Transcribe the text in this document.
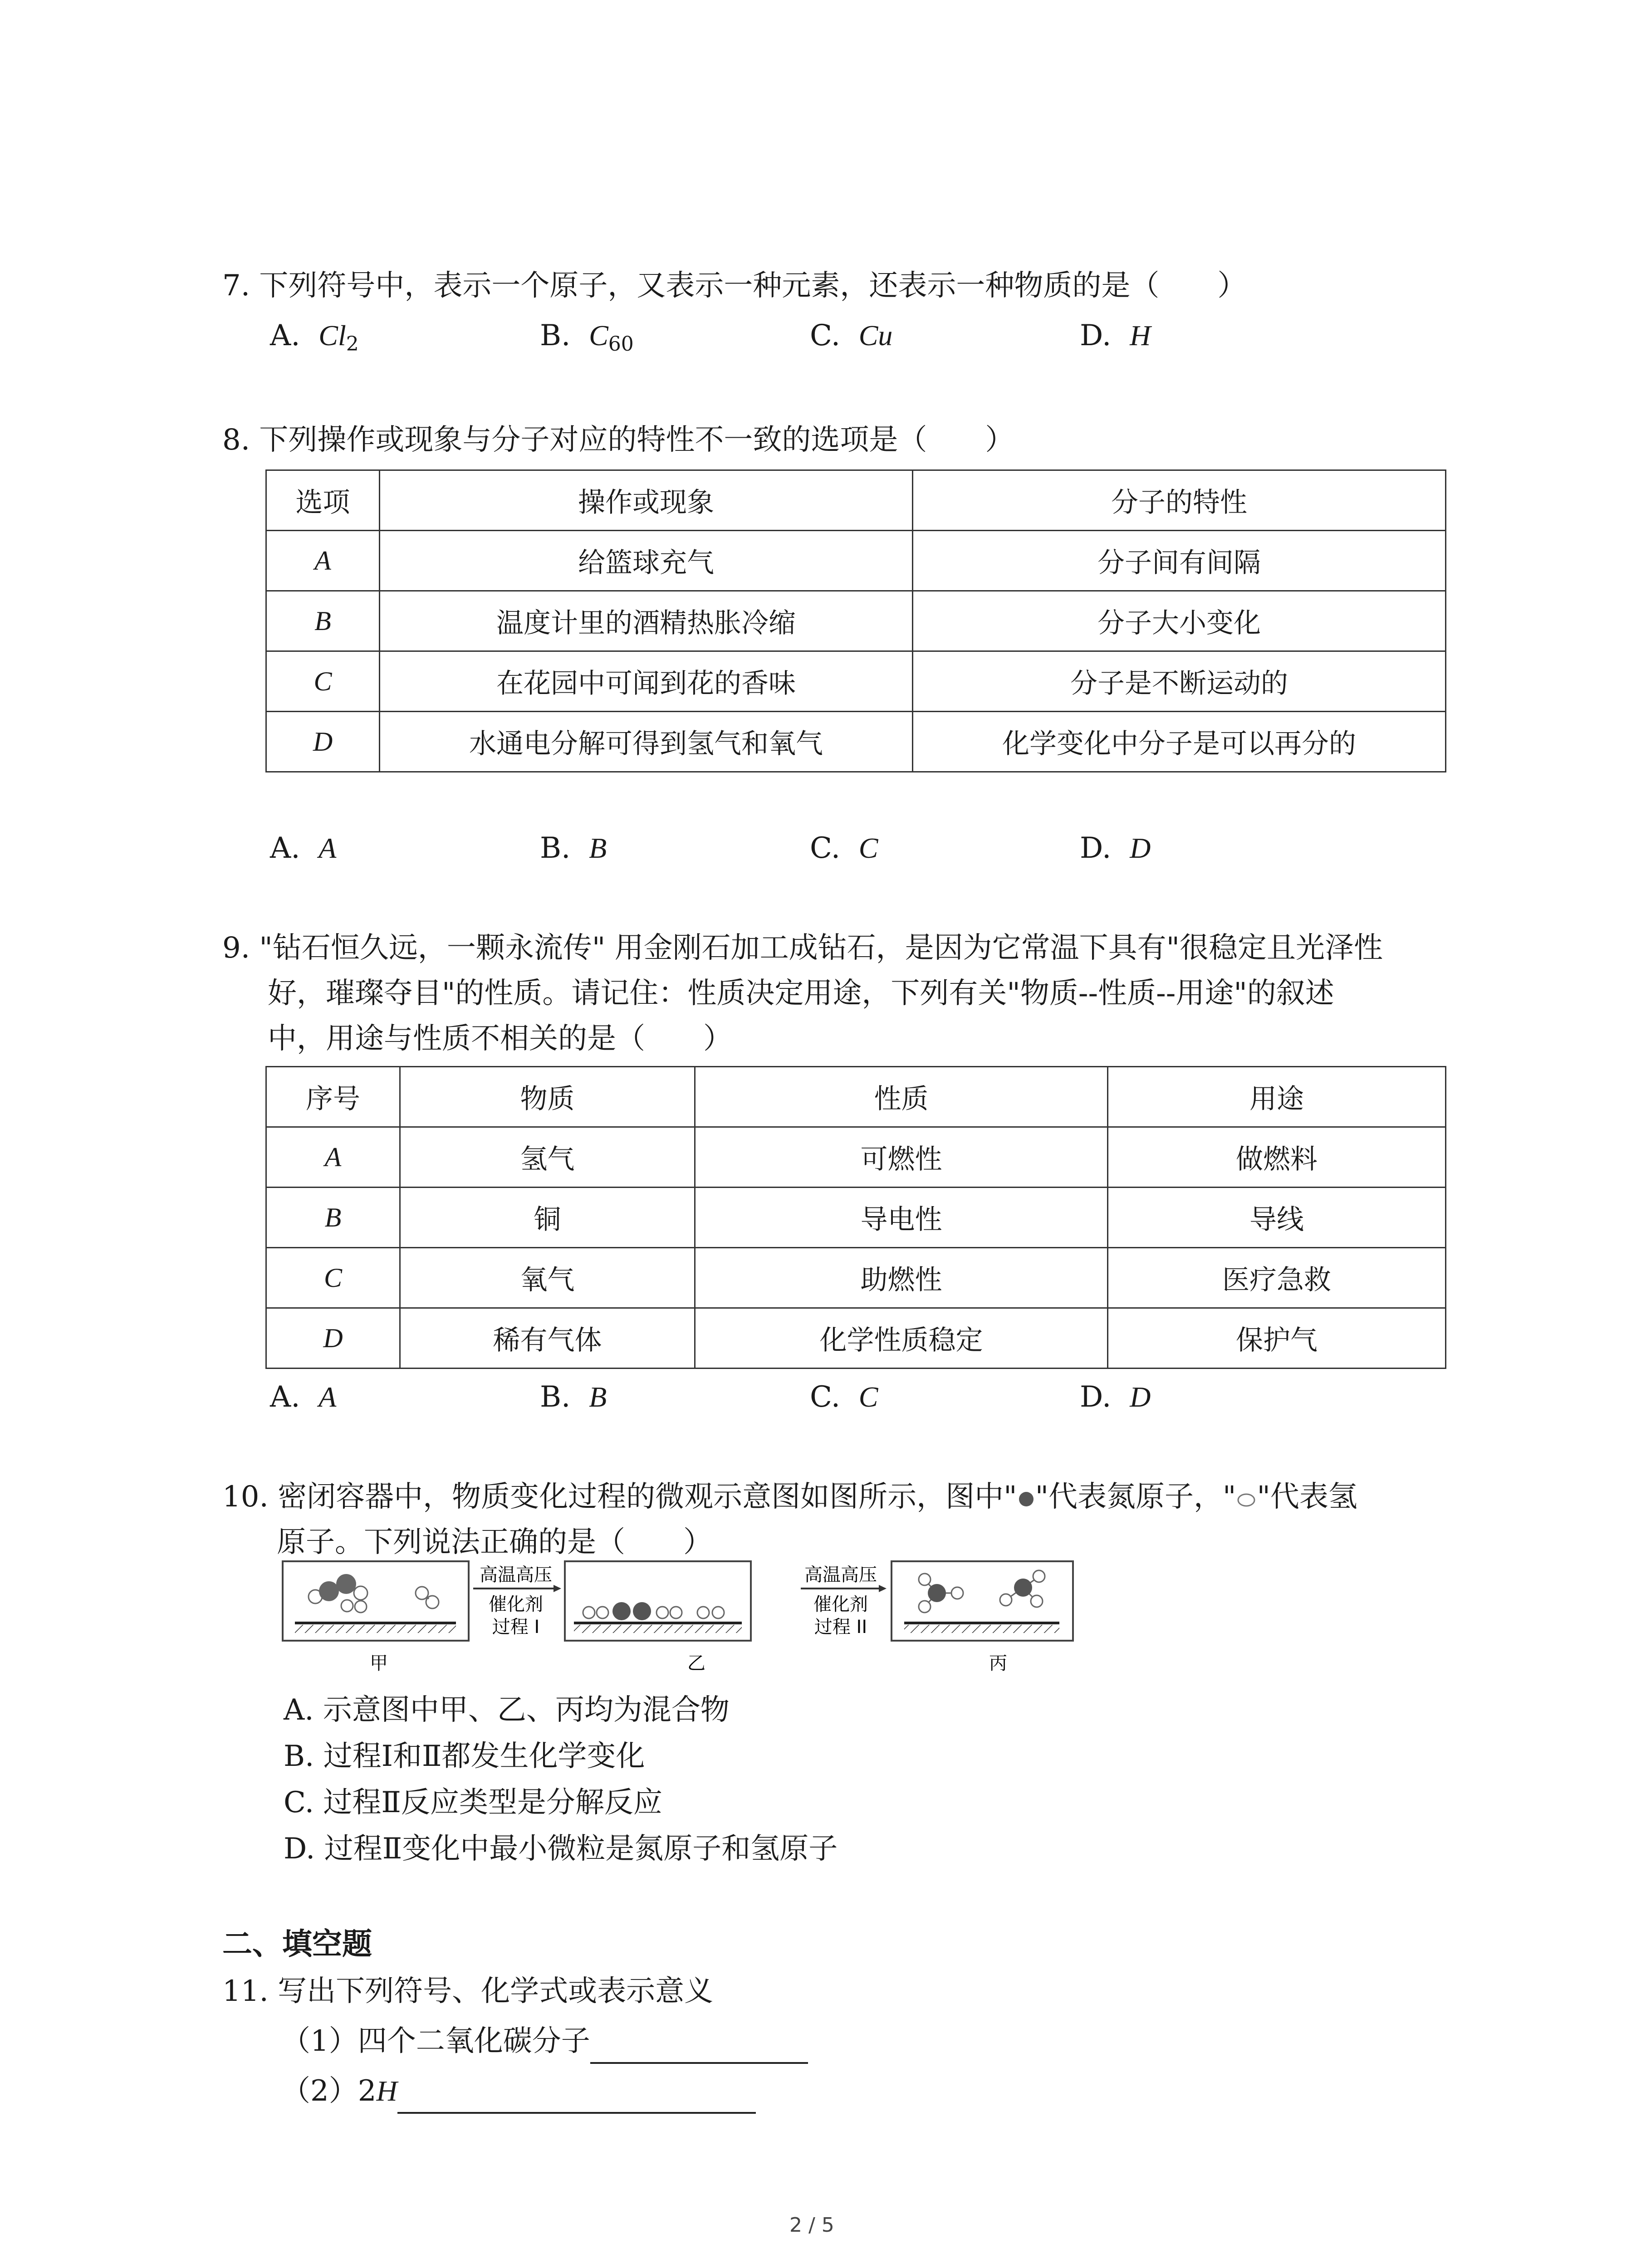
7. 下列符号中，表示一个原子，又表示一种元素，还表示一种物质的是（　　）
A. $Cl_2$	B. $C_{60}$	C. Cu	D. H
8. 下列操作或现象与分子对应的特性不一致的选项是（　　）
选项	操作或现象	分子的特性
A	给篮球充气	分子间有间隔
B	温度计里的酒精热胀冷缩	分子大小变化
C	在花园中可闻到花的香味	分子是不断运动的
D	水通电分解可得到氢气和氧气	化学变化中分子是可以再分的
A. A	B. B	C. C	D. D
9. "钻石恒久远，一颗永流传" 用金刚石加工成钻石，是因为它常温下具有"很稳定且光泽性
好，璀璨夺目"的性质。请记住：性质决定用途，下列有关"物质--性质--用途"的叙述
中，用途与性质不相关的是（　　）
序号	物质	性质	用途
A	氢气	可燃性	做燃料
B	铜	导电性	导线
C	氧气	助燃性	医疗急救
D	稀有气体	化学性质稳定	保护气
A. A	B. B	C. C	D. D
10. 密闭容器中，物质变化过程的微观示意图如图所示，图中" "代表氮原子，" "代表氢
原子。下列说法正确的是（　　）
甲
高温高压
催化剂
过程 I
乙
高温高压
催化剂
过程 II
丙
A. 示意图中甲、乙、丙均为混合物
B. 过程Ⅰ和Ⅱ都发生化学变化
C. 过程Ⅱ反应类型是分解反应
D. 过程Ⅱ变化中最小微粒是氮原子和氢原子
二、填空题
11. 写出下列符号、化学式或表示意义
（1）四个二氧化碳分子
（2）2H
2 / 5
